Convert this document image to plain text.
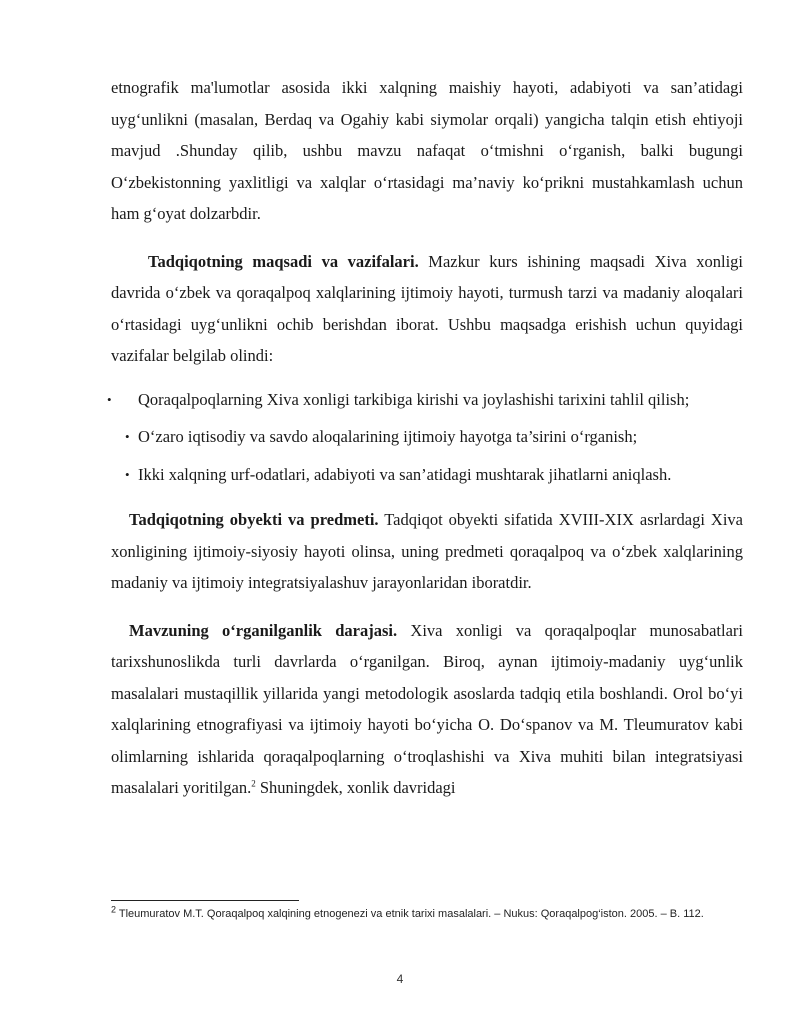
etnografik ma'lumotlar asosida ikki xalqning maishiy hayoti, adabiyoti va san’atidagi uyg‘unlikni (masalan, Berdaq va Ogahiy kabi siymolar orqali) yangicha talqin etish ehtiyoji mavjud .Shunday qilib, ushbu mavzu nafaqat o‘tmishni o‘rganish, balki bugungi O‘zbekistonning yaxlitligi va xalqlar o‘rtasidagi ma’naviy ko‘prikni mustahkamlash uchun ham g‘oyat dolzarbdir.

Tadqiqotning maqsadi va vazifalari. Mazkur kurs ishining maqsadi Xiva xonligi davrida o‘zbek va qoraqalpoq xalqlarining ijtimoiy hayoti, turmush tarzi va madaniy aloqalari o‘rtasidagi uyg‘unlikni ochib berishdan iborat. Ushbu maqsadga erishish uchun quyidagi vazifalar belgilab olindi:

•	Qoraqalpoqlarning Xiva xonligi tarkibiga kirishi va joylashishi tarixini tahlil qilish;
• O‘zaro iqtisodiy va savdo aloqalarining ijtimoiy hayotga ta’sirini o‘rganish;
• Ikki xalqning urf-odatlari, adabiyoti va san’atidagi mushtarak jihatlarni aniqlash.

Tadqiqotning obyekti va predmeti. Tadqiqot obyekti sifatida XVIII-XIX asrlardagi Xiva xonligining ijtimoiy-siyosiy hayoti olinsa, uning predmeti qoraqalpoq va o‘zbek xalqlarining madaniy va ijtimoiy integratsiyalashuv jarayonlaridan iboratdir.

Mavzuning o‘rganilganlik darajasi. Xiva xonligi va qoraqalpoqlar munosabatlari tarixshunoslikda turli davrlarda o‘rganilgan. Biroq, aynan ijtimoiy-madaniy uyg‘unlik masalalari mustaqillik yillarida yangi metodologik asoslarda tadqiq etila boshlandi. Orol bo‘yi xalqlarining etnografiyasi va ijtimoiy hayoti bo‘yicha O. Do‘spanov va M. Tleumuratov kabi olimlarning ishlarida qoraqalpoqlarning o‘troqlashishi va Xiva muhiti bilan integratsiyasi masalalari yoritilgan.$^2$ Shuningdek, xonlik davridagi

$^2$ Tleumuratov M.T. Qoraqalpoq xalqining etnogenezi va etnik tarixi masalalari. – Nukus: Qoraqalpog‘iston. 2005. – B. 112.
4
